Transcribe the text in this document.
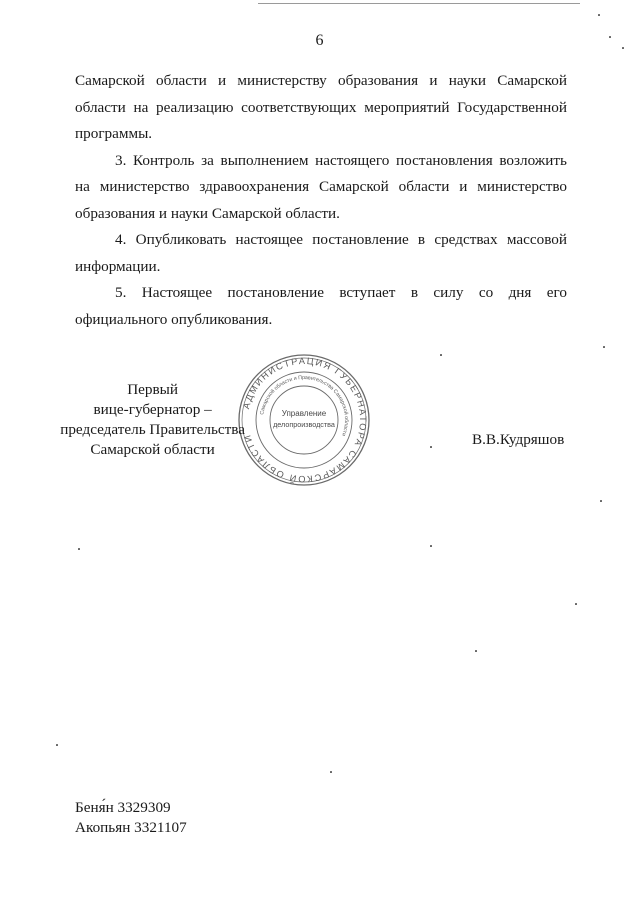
6

Самарской области и министерству образования и науки Самарской области на реализацию соответствующих мероприятий Государственной программы.

3. Контроль за выполнением настоящего постановления возложить на министерство здравоохранения Самарской области и министерство образования и науки Самарской области.

4. Опубликовать настоящее постановление в средствах массовой информации.

5. Настоящее постановление вступает в силу со дня его официального опубликования.

АДМИНИСТРАЦИЯ ГУБЕРНАТОРА САМАРСКОЙ ОБЛАСТИ
Самарской области и Правительства Самарской области
Управление
делопроизводства
Первый
вице-губернатор –
председатель Правительства
Самарской области
В.В.Кудряшов
Беня́н 3329309
Акопьян 3321107
